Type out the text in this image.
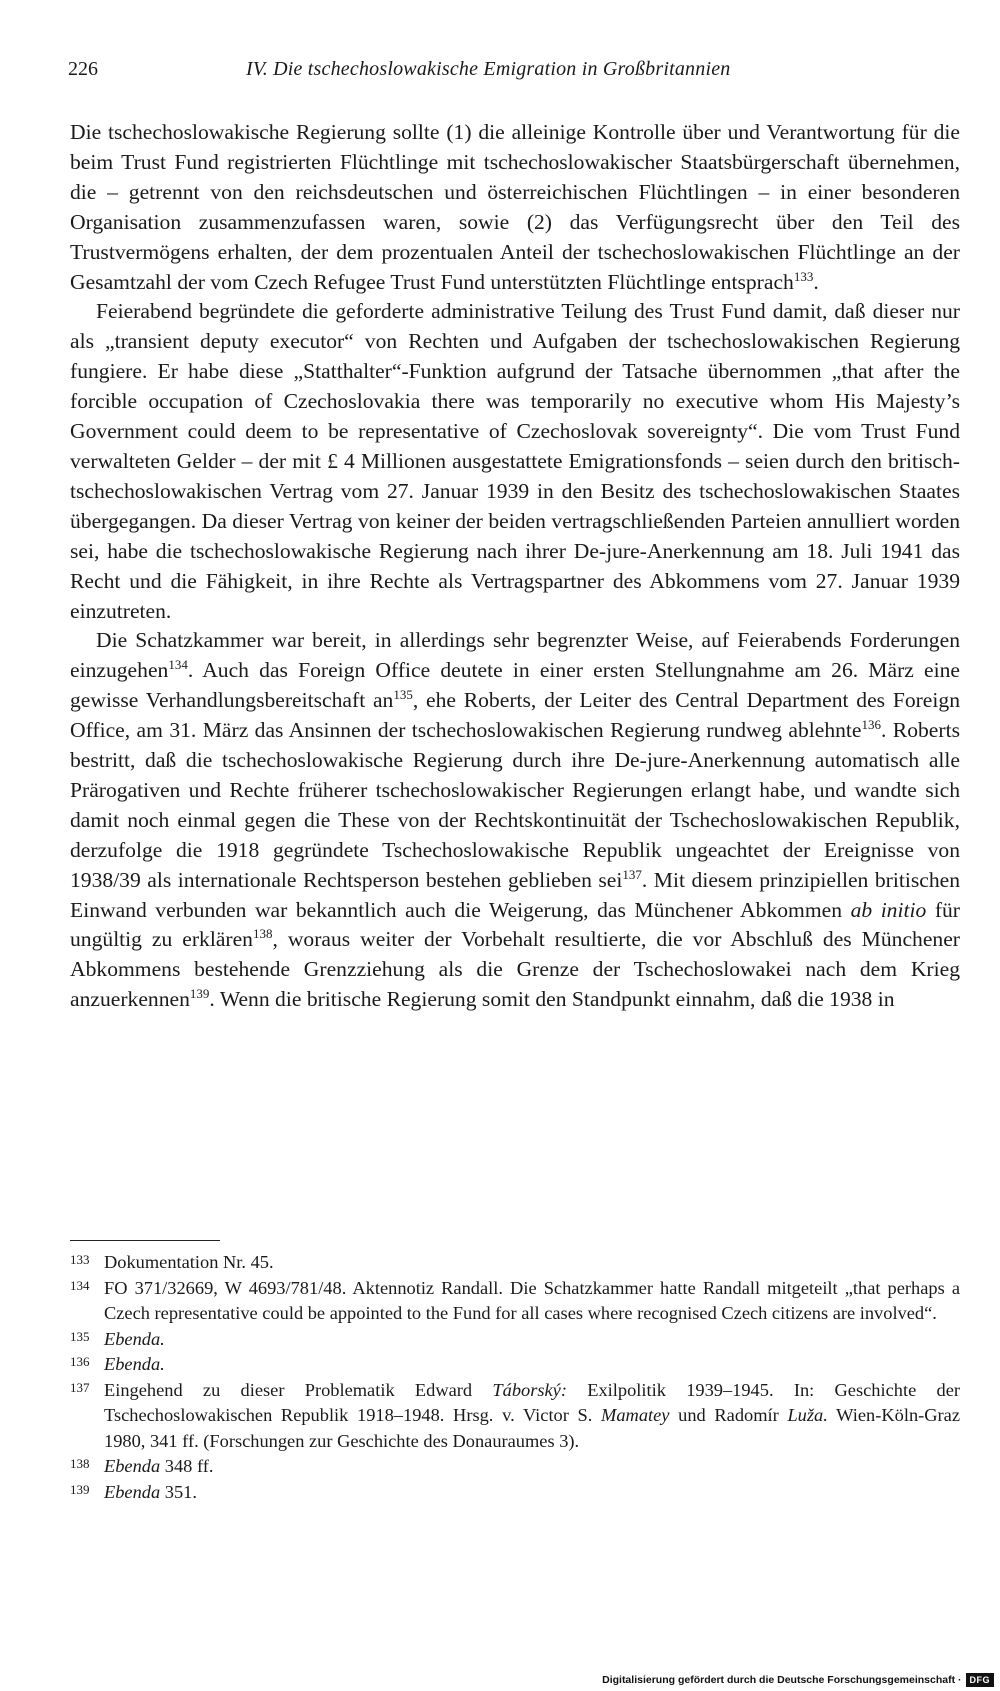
226	IV. Die tschechoslowakische Emigration in Großbritannien

Die tschechoslowakische Regierung sollte (1) die alleinige Kontrolle über und Verantwortung für die beim Trust Fund registrierten Flüchtlinge mit tschechoslowakischer Staatsbürgerschaft übernehmen, die – getrennt von den reichsdeutschen und österreichischen Flüchtlingen – in einer besonderen Organisation zusammenzufassen waren, sowie (2) das Verfügungsrecht über den Teil des Trustvermögens erhalten, der dem prozentualen Anteil der tschechoslowakischen Flüchtlinge an der Gesamtzahl der vom Czech Refugee Trust Fund unterstützten Flüchtlinge entsprach$^{133}$.

Feierabend begründete die geforderte administrative Teilung des Trust Fund damit, daß dieser nur als „transient deputy executor“ von Rechten und Aufgaben der tschechoslowakischen Regierung fungiere. Er habe diese „Statthalter“-Funktion aufgrund der Tatsache übernommen „that after the forcible occupation of Czechoslovakia there was temporarily no executive whom His Majesty’s Government could deem to be representative of Czechoslovak sovereignty“. Die vom Trust Fund verwalteten Gelder – der mit £ 4 Millionen ausgestattete Emigrationsfonds – seien durch den britisch-tschechoslowakischen Vertrag vom 27. Januar 1939 in den Besitz des tschechoslowakischen Staates übergegangen. Da dieser Vertrag von keiner der beiden vertragschließenden Parteien annulliert worden sei, habe die tschechoslowakische Regierung nach ihrer De-jure-Anerkennung am 18. Juli 1941 das Recht und die Fähigkeit, in ihre Rechte als Vertragspartner des Abkommens vom 27. Januar 1939 einzutreten.

Die Schatzkammer war bereit, in allerdings sehr begrenzter Weise, auf Feierabends Forderungen einzugehen$^{134}$. Auch das Foreign Office deutete in einer ersten Stellungnahme am 26. März eine gewisse Verhandlungsbereitschaft $an^{135}$, ehe Roberts, der Leiter des Central Department des Foreign Office, am 31. März das Ansinnen der tschechoslowakischen Regierung rundweg ablehnte$^{136}$. Roberts bestritt, daß die tschechoslowakische Regierung durch ihre De-jure-Anerkennung automatisch alle Prärogativen und Rechte früherer tschechoslowakischer Regierungen erlangt habe, und wandte sich damit noch einmal gegen die These von der Rechtskontinuität der Tschechoslowakischen Republik, derzufolge die 1918 gegründete Tschechoslowakische Republik ungeachtet der Ereignisse von 1938/39 als internationale Rechtsperson bestehen geblieben sei$^{137}$. Mit diesem prinzipiellen britischen Einwand verbunden war bekanntlich auch die Weigerung, das Münchener Abkommen ab initio für ungültig zu erklären$^{138}$, woraus weiter der Vorbehalt resultierte, die vor Abschluß des Münchener Abkommens bestehende Grenzziehung als die Grenze der Tschechoslowakei nach dem Krieg anzuerkennen$^{139}$. Wenn die britische Regierung somit den Standpunkt einnahm, daß die 1938 in

133 Dokumentation Nr. 45.
134 FO 371/32669, W 4693/781/48. Aktennotiz Randall. Die Schatzkammer hatte Randall mitgeteilt „that perhaps a Czech representative could be appointed to the Fund for all cases where recognised Czech citizens are involved“.
135 Ebenda.
136 Ebenda.
137 Eingehend zu dieser Problematik Edward Táborský: Exilpolitik 1939–1945. In: Geschichte der Tschechoslowakischen Republik 1918–1948. Hrsg. v. Victor S. Mamatey und Radomír Luža. Wien-Köln-Graz 1980, 341 ff. (Forschungen zur Geschichte des Donauraumes 3).
138 Ebenda 348 ff.
139 Ebenda 351.
Digitalisierung gefördert durch die Deutsche Forschungsgemeinschaft · DFG
